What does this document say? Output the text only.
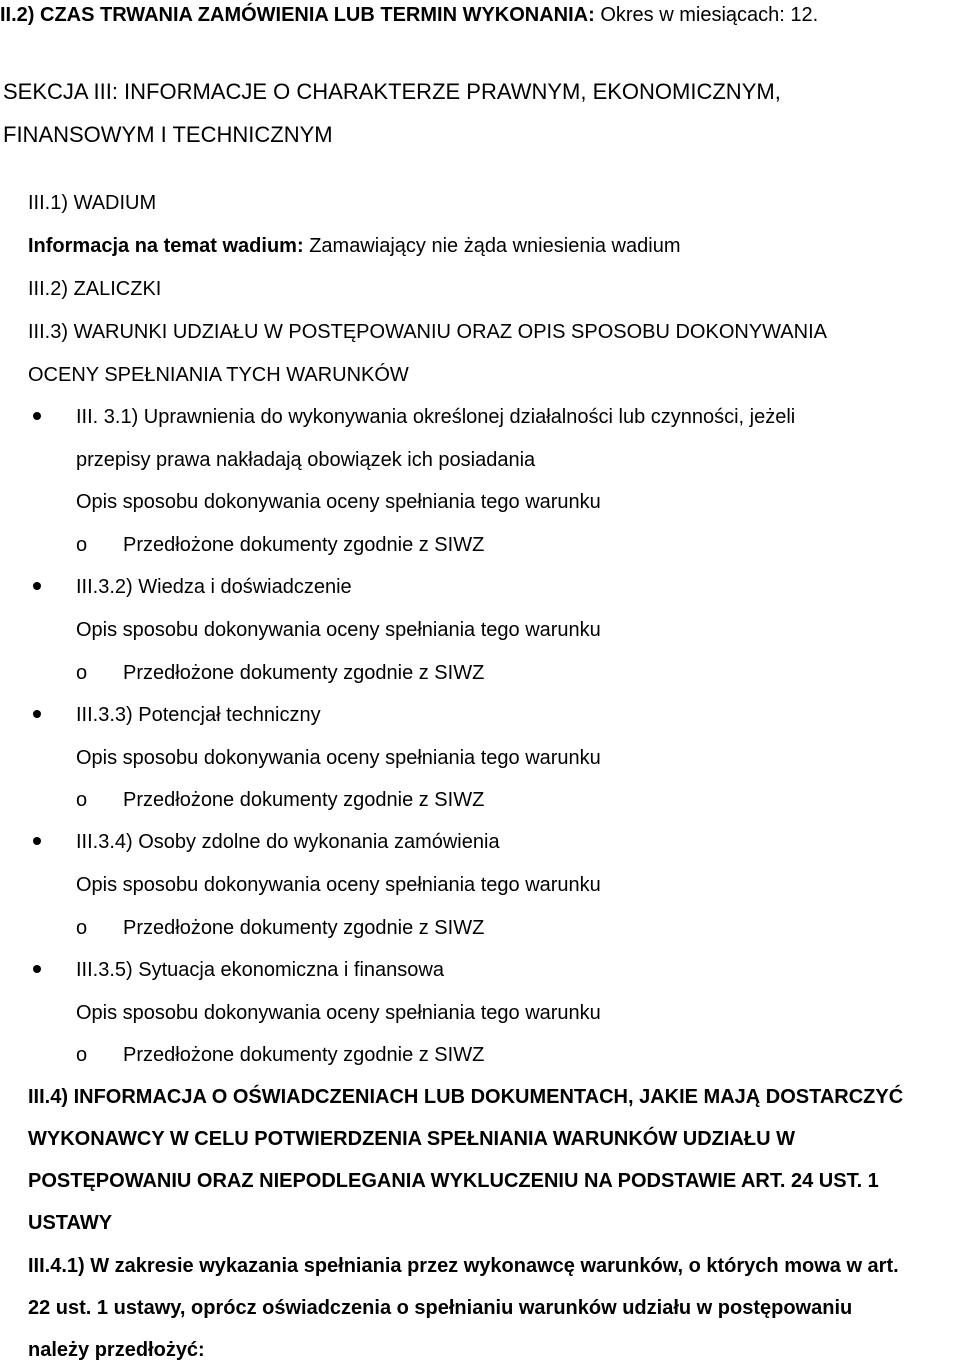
II.2) CZAS TRWANIA ZAMÓWIENIA LUB TERMIN WYKONANIA: Okres w miesiącach: 12.
SEKCJA III: INFORMACJE O CHARAKTERZE PRAWNYM, EKONOMICZNYM,
FINANSOWYM I TECHNICZNYM
III.1) WADIUM
Informacja na temat wadium: Zamawiający nie żąda wniesienia wadium
III.2) ZALICZKI
III.3) WARUNKI UDZIAŁU W POSTĘPOWANIU ORAZ OPIS SPOSOBU DOKONYWANIA
OCENY SPEŁNIANIA TYCH WARUNKÓW
III. 3.1) Uprawnienia do wykonywania określonej działalności lub czynności, jeżeli
przepisy prawa nakładają obowiązek ich posiadania
Opis sposobu dokonywania oceny spełniania tego warunku
o Przedłożone dokumenty zgodnie z SIWZ
III.3.2) Wiedza i doświadczenie
Opis sposobu dokonywania oceny spełniania tego warunku
o Przedłożone dokumenty zgodnie z SIWZ
III.3.3) Potencjał techniczny
Opis sposobu dokonywania oceny spełniania tego warunku
o Przedłożone dokumenty zgodnie z SIWZ
III.3.4) Osoby zdolne do wykonania zamówienia
Opis sposobu dokonywania oceny spełniania tego warunku
o Przedłożone dokumenty zgodnie z SIWZ
III.3.5) Sytuacja ekonomiczna i finansowa
Opis sposobu dokonywania oceny spełniania tego warunku
o Przedłożone dokumenty zgodnie z SIWZ
III.4) INFORMACJA O OŚWIADCZENIACH LUB DOKUMENTACH, JAKIE MAJĄ DOSTARCZYĆ
WYKONAWCY W CELU POTWIERDZENIA SPEŁNIANIA WARUNKÓW UDZIAŁU W
POSTĘPOWANIU ORAZ NIEPODLEGANIA WYKLUCZENIU NA PODSTAWIE ART. 24 UST. 1
USTAWY
III.4.1) W zakresie wykazania spełniania przez wykonawcę warunków, o których mowa w art.
22 ust. 1 ustawy, oprócz oświadczenia o spełnianiu warunków udziału w postępowaniu
należy przedłożyć:
